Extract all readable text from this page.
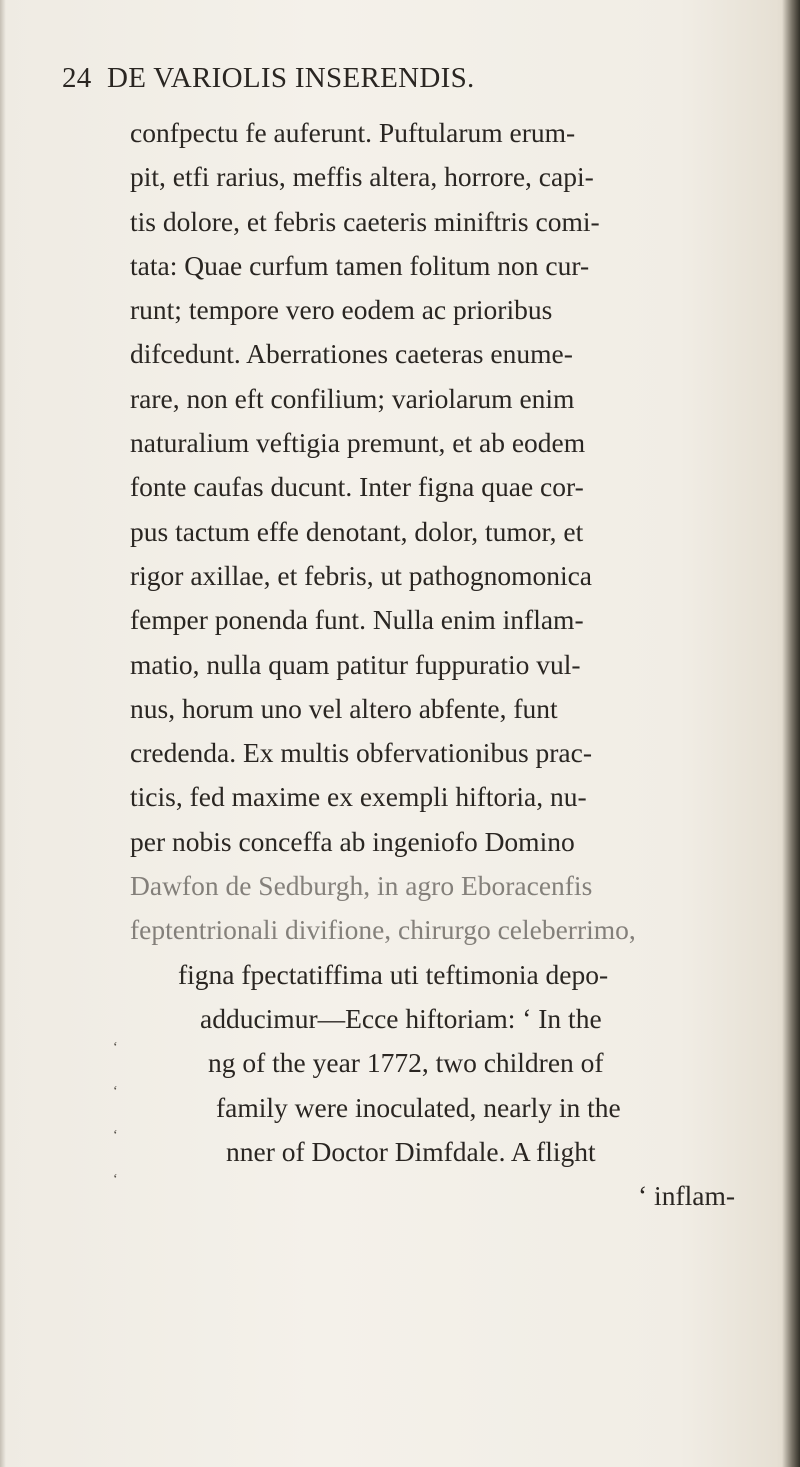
24 DE VARIOLIS INSERENDIS.
confpectu fe auferunt. Puftularum erum-
pit, etfi rarius, meffis altera, horrore, capi-
tis dolore, et febris caeteris miniftris comi-
tata: Quae curfum tamen folitum non cur-
runt; tempore vero eodem ac prioribus
difcedunt. Aberrationes caeteras enume-
rare, non eft confilium; variolarum enim
naturalium veftigia premunt, et ab eodem
fonte caufas ducunt. Inter figna quae cor-
pus tactum effe denotant, dolor, tumor, et
rigor axillae, et febris, ut pathognomonica
femper ponenda funt. Nulla enim inflam-
matio, nulla quam patitur fuppuratio vul-
nus, horum uno vel altero abfente, funt
credenda. Ex multis obfervationibus prac-
ticis, fed maxime ex exempli hiftoria, nu-
per nobis conceffa ab ingeniofo Domino
Dawfon de Sedburgh, in agro Eboracenfis
feptentrionali divifione, chirurgo celeberrimo,
figna fpectatiffima uti teftimonia depo-
adducimur—Ecce hiftoriam: ‘ In the
ng of the year 1772, two children of
family were inoculated, nearly in the
nner of Doctor Dimfdale. A flight
‘ inflam-
‘
‘
‘
‘
